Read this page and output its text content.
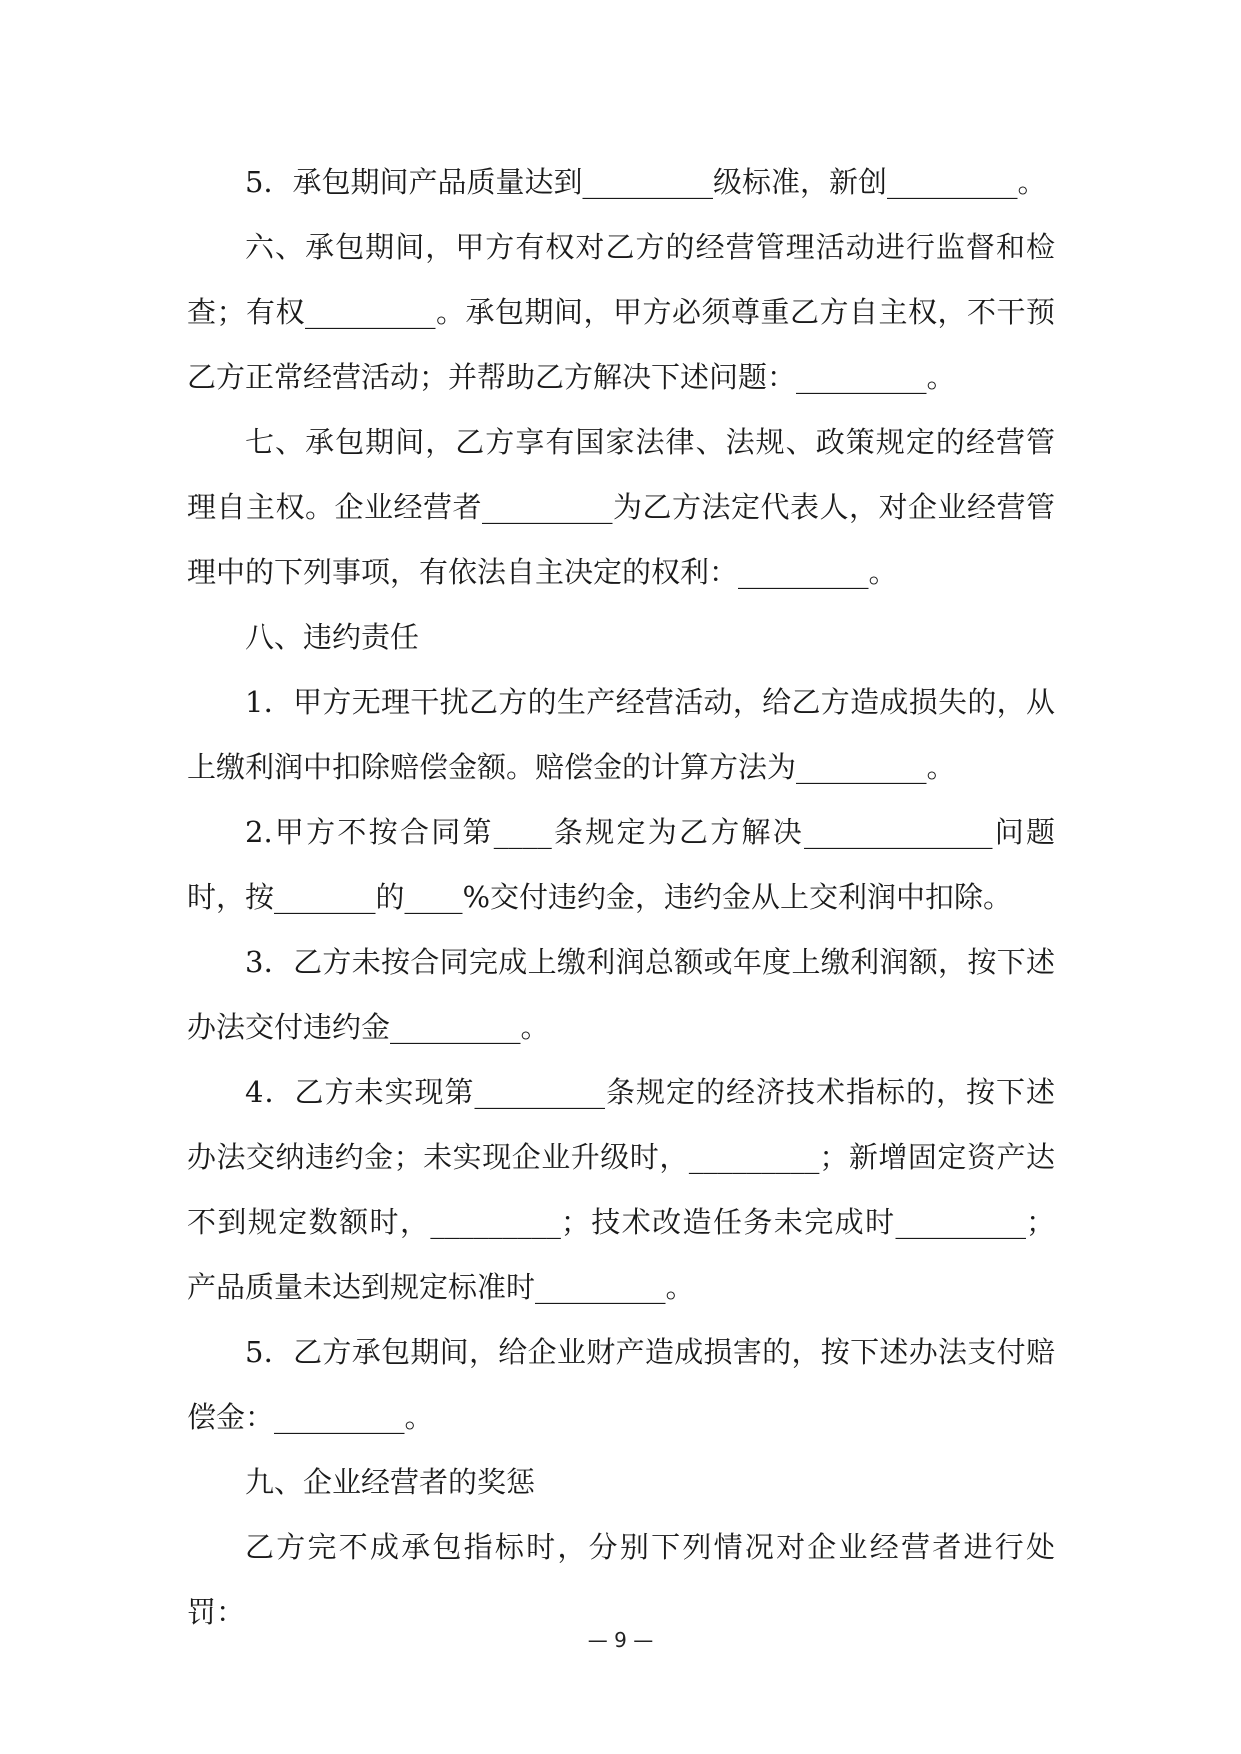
5．承包期间产品质量达到_________级标准，新创_________。

六、承包期间，甲方有权对乙方的经营管理活动进行监督和检查；有权_________。承包期间，甲方必须尊重乙方自主权，不干预乙方正常经营活动；并帮助乙方解决下述问题：_________。

七、承包期间，乙方享有国家法律、法规、政策规定的经营管理自主权。企业经营者_________为乙方法定代表人，对企业经营管理中的下列事项，有依法自主决定的权利：_________。

八、违约责任

1．甲方无理干扰乙方的生产经营活动，给乙方造成损失的，从上缴利润中扣除赔偿金额。赔偿金的计算方法为_________。

2.甲方不按合同第____条规定为乙方解决_____________问题时，按_______的____%交付违约金，违约金从上交利润中扣除。

3．乙方未按合同完成上缴利润总额或年度上缴利润额，按下述办法交付违约金_________。

4．乙方未实现第_________条规定的经济技术指标的，按下述办法交纳违约金；未实现企业升级时，_________；新增固定资产达不到规定数额时，_________；技术改造任务未完成时_________；产品质量未达到规定标准时_________。

5．乙方承包期间，给企业财产造成损害的，按下述办法支付赔偿金：_________。

九、企业经营者的奖惩

乙方完不成承包指标时，分别下列情况对企业经营者进行处罚：

— 9 —
